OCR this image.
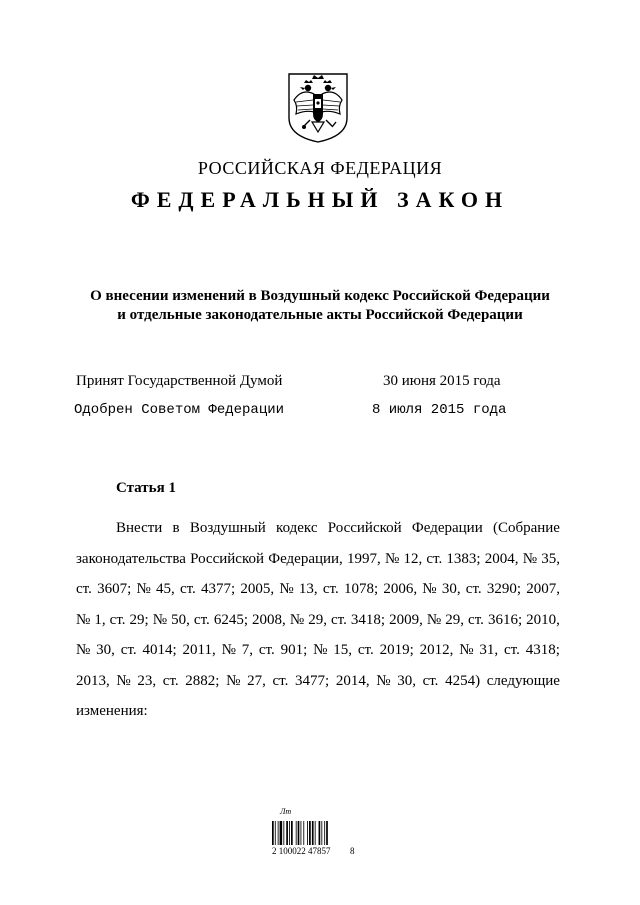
РОССИЙСКАЯ ФЕДЕРАЦИЯ
ФЕДЕРАЛЬНЫЙ ЗАКОН
О внесении изменений в Воздушный кодекс Российской Федерации
и отдельные законодательные акты Российской Федерации
Принят Государственной Думой	30 июня 2015 года
Одобрен Советом Федерации	8 июля 2015 года
Статья 1
Внести в Воздушный кодекс Российской Федерации (Собрание
законодательства Российской Федерации, 1997, № 12, ст. 1383; 2004, № 35,
ст. 3607; № 45, ст. 4377; 2005, № 13, ст. 1078; 2006, № 30, ст. 3290; 2007,
№ 1, ст. 29; № 50, ст. 6245; 2008, № 29, ст. 3418; 2009, № 29, ст. 3616; 2010,
№ 30, ст. 4014; 2011, № 7, ст. 901; № 15, ст. 2019; 2012, № 31, ст. 4318;
2013, № 23, ст. 2882; № 27, ст. 3477; 2014, № 30, ст. 4254) следующие
изменения:
Лт
2 100022 47857 8
